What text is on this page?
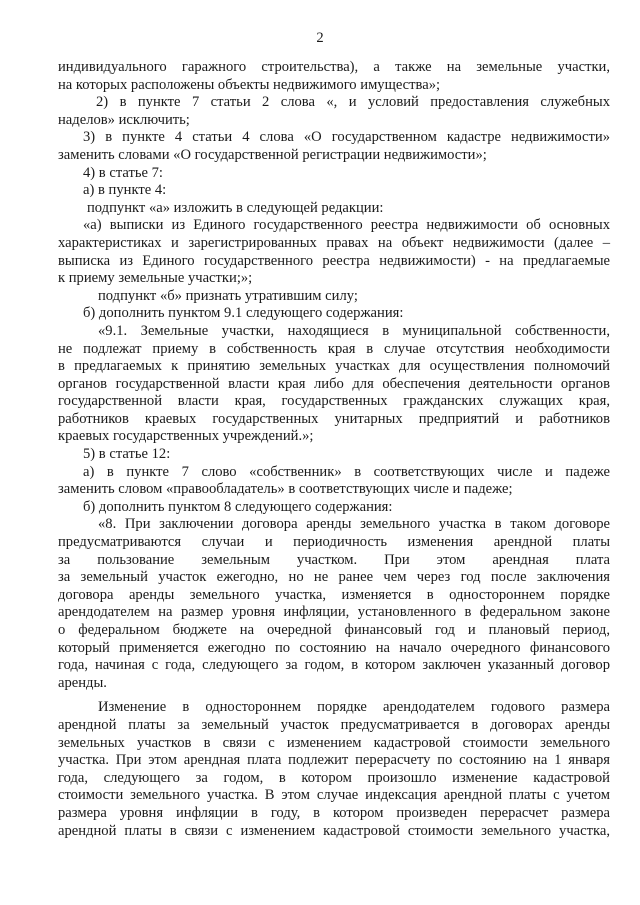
2
индивидуального гаражного строительства), а также на земельные участки,
на которых расположены объекты недвижимого имущества»;
2) в пункте 7 статьи 2 слова «, и условий предоставления служебных
наделов» исключить;
3) в пункте 4 статьи 4 слова «О государственном кадастре недвижимости»
заменить словами «О государственной регистрации недвижимости»;
4) в статье 7:
а) в пункте 4:
подпункт «а» изложить в следующей редакции:
«а) выписки из Единого государственного реестра недвижимости об основных
характеристиках и зарегистрированных правах на объект недвижимости (далее –
выписка из Единого государственного реестра недвижимости) - на предлагаемые
к приему земельные участки;»;
подпункт «б» признать утратившим силу;
б) дополнить пунктом 9.1 следующего содержания:
«9.1. Земельные участки, находящиеся в муниципальной собственности,
не подлежат приему в собственность края в случае отсутствия необходимости
в предлагаемых к принятию земельных участках для осуществления полномочий
органов государственной власти края либо для обеспечения деятельности органов
государственной власти края, государственных гражданских служащих края,
работников краевых государственных унитарных предприятий и работников
краевых государственных учреждений.»;
5) в статье 12:
а) в пункте 7 слово «собственник» в соответствующих числе и падеже
заменить словом «правообладатель» в соответствующих числе и падеже;
б) дополнить пунктом 8 следующего содержания:
«8. При заключении договора аренды земельного участка в таком договоре
предусматриваются случаи и периодичность изменения арендной платы
за пользование земельным участком. При этом арендная плата
за земельный участок ежегодно, но не ранее чем через год после заключения
договора аренды земельного участка, изменяется в одностороннем порядке
арендодателем на размер уровня инфляции, установленного в федеральном законе
о федеральном бюджете на очередной финансовый год и плановый период,
который применяется ежегодно по состоянию на начало очередного финансового
года, начиная с года, следующего за годом, в котором заключен указанный договор
аренды.
Изменение в одностороннем порядке арендодателем годового размера
арендной платы за земельный участок предусматривается в договорах аренды
земельных участков в связи с изменением кадастровой стоимости земельного
участка. При этом арендная плата подлежит перерасчету по состоянию на 1 января
года, следующего за годом, в котором произошло изменение кадастровой
стоимости земельного участка. В этом случае индексация арендной платы с учетом
размера уровня инфляции в году, в котором произведен перерасчет размера
арендной платы в связи с изменением кадастровой стоимости земельного участка,
